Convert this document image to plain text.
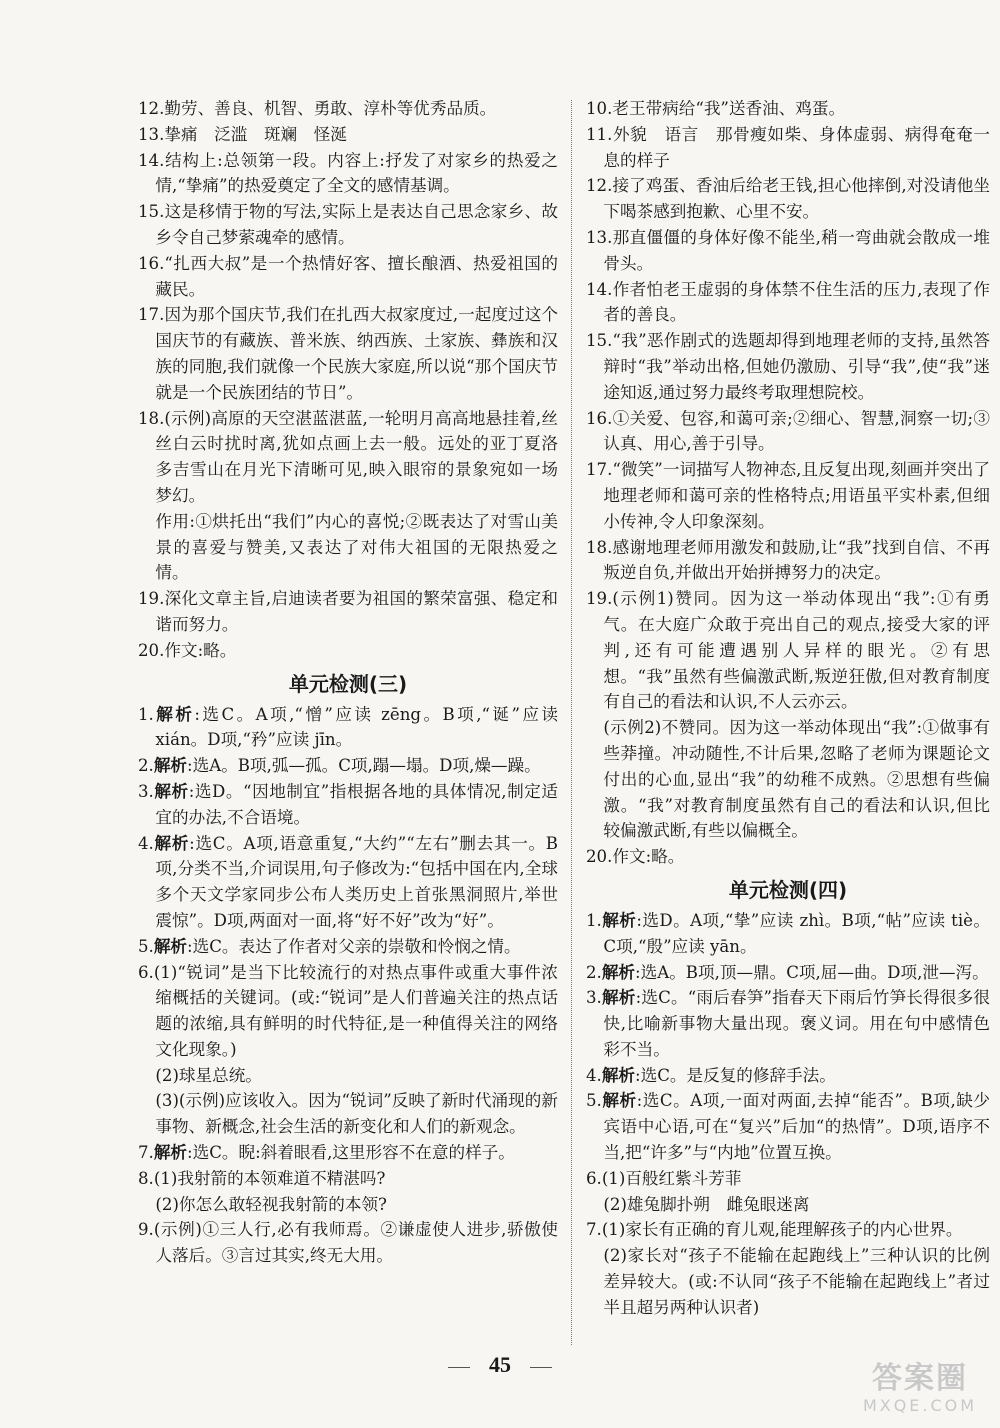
12.勤劳、善良、机智、勇敢、淳朴等优秀品质。

13.挚痛　泛滥　斑斓　怪涎

14.结构上:总领第一段。内容上:抒发了对家乡的热爱之情,“挚痛”的热爱奠定了全文的感情基调。

15.这是移情于物的写法,实际上是表达自己思念家乡、故乡令自己梦萦魂牵的感情。

16.“扎西大叔”是一个热情好客、擅长酿酒、热爱祖国的藏民。

17.因为那个国庆节,我们在扎西大叔家度过,一起度过这个国庆节的有藏族、普米族、纳西族、土家族、彝族和汉族的同胞,我们就像一个民族大家庭,所以说“那个国庆节就是一个民族团结的节日”。

18.(示例)高原的天空湛蓝湛蓝,一轮明月高高地悬挂着,丝丝白云时扰时离,犹如点画上去一般。远处的亚丁夏洛多吉雪山在月光下清晰可见,映入眼帘的景象宛如一场梦幻。

作用:①烘托出“我们”内心的喜悦;②既表达了对雪山美景的喜爱与赞美,又表达了对伟大祖国的无限热爱之情。

19.深化文章主旨,启迪读者要为祖国的繁荣富强、稳定和谐而努力。

20.作文:略。

单元检测(三)

1.解析:选C。A项,“憎”应读 zēng。B项,“诞”应读 xián。D项,“矜”应读 jīn。

2.解析:选A。B项,弧—孤。C项,蹋—塌。D项,燥—躁。

3.解析:选D。“因地制宜”指根据各地的具体情况,制定适宜的办法,不合语境。

4.解析:选C。A项,语意重复,“大约”“左右”删去其一。B项,分类不当,介词误用,句子修改为:“包括中国在内,全球多个天文学家同步公布人类历史上首张黑洞照片,举世震惊”。D项,两面对一面,将“好不好”改为“好”。

5.解析:选C。表达了作者对父亲的崇敬和怜悯之情。

6.(1)“锐词”是当下比较流行的对热点事件或重大事件浓缩概括的关键词。(或:“锐词”是人们普遍关注的热点话题的浓缩,具有鲜明的时代特征,是一种值得关注的网络文化现象。)

(2)球星总统。

(3)(示例)应该收入。因为“锐词”反映了新时代涌现的新事物、新概念,社会生活的新变化和人们的新观念。

7.解析:选C。睨:斜着眼看,这里形容不在意的样子。

8.(1)我射箭的本领难道不精湛吗?

(2)你怎么敢轻视我射箭的本领?

9.(示例)①三人行,必有我师焉。②谦虚使人进步,骄傲使人落后。③言过其实,终无大用。

10.老王带病给“我”送香油、鸡蛋。

11.外貌　语言　那骨瘦如柴、身体虚弱、病得奄奄一息的样子

12.接了鸡蛋、香油后给老王钱,担心他摔倒,对没请他坐下喝茶感到抱歉、心里不安。

13.那直僵僵的身体好像不能坐,稍一弯曲就会散成一堆骨头。

14.作者怕老王虚弱的身体禁不住生活的压力,表现了作者的善良。

15.“我”恶作剧式的选题却得到地理老师的支持,虽然答辩时“我”举动出格,但她仍激励、引导“我”,使“我”迷途知返,通过努力最终考取理想院校。

16.①关爱、包容,和蔼可亲;②细心、智慧,洞察一切;③认真、用心,善于引导。

17.“微笑”一词描写人物神态,且反复出现,刻画并突出了地理老师和蔼可亲的性格特点;用语虽平实朴素,但细小传神,令人印象深刻。

18.感谢地理老师用激发和鼓励,让“我”找到自信、不再叛逆自负,并做出开始拼搏努力的决定。

19.(示例1)赞同。因为这一举动体现出“我”:①有勇气。在大庭广众敢于亮出自己的观点,接受大家的评判,还有可能遭遇别人异样的眼光。②有思想。“我”虽然有些偏激武断,叛逆狂傲,但对教育制度有自己的看法和认识,不人云亦云。

(示例2)不赞同。因为这一举动体现出“我”:①做事有些莽撞。冲动随性,不计后果,忽略了老师为课题论文付出的心血,显出“我”的幼稚不成熟。②思想有些偏激。“我”对教育制度虽然有自己的看法和认识,但比较偏激武断,有些以偏概全。

20.作文:略。

单元检测(四)

1.解析:选D。A项,“挚”应读 zhì。B项,“帖”应读 tiè。C项,“殷”应读 yān。

2.解析:选A。B项,顶—鼎。C项,屈—曲。D项,泄—泻。

3.解析:选C。“雨后春笋”指春天下雨后竹笋长得很多很快,比喻新事物大量出现。褒义词。用在句中感情色彩不当。

4.解析:选C。是反复的修辞手法。

5.解析:选C。A项,一面对两面,去掉“能否”。B项,缺少宾语中心语,可在“复兴”后加“的热情”。D项,语序不当,把“许多”与“内地”位置互换。

6.(1)百般红紫斗芳菲

(2)雄兔脚扑朔　雌兔眼迷离

7.(1)家长有正确的育儿观,能理解孩子的内心世界。

(2)家长对“孩子不能输在起跑线上”三种认识的比例差异较大。(或:不认同“孩子不能输在起跑线上”者过半且超另两种认识者)

45	答案圈
MXQE.COM
